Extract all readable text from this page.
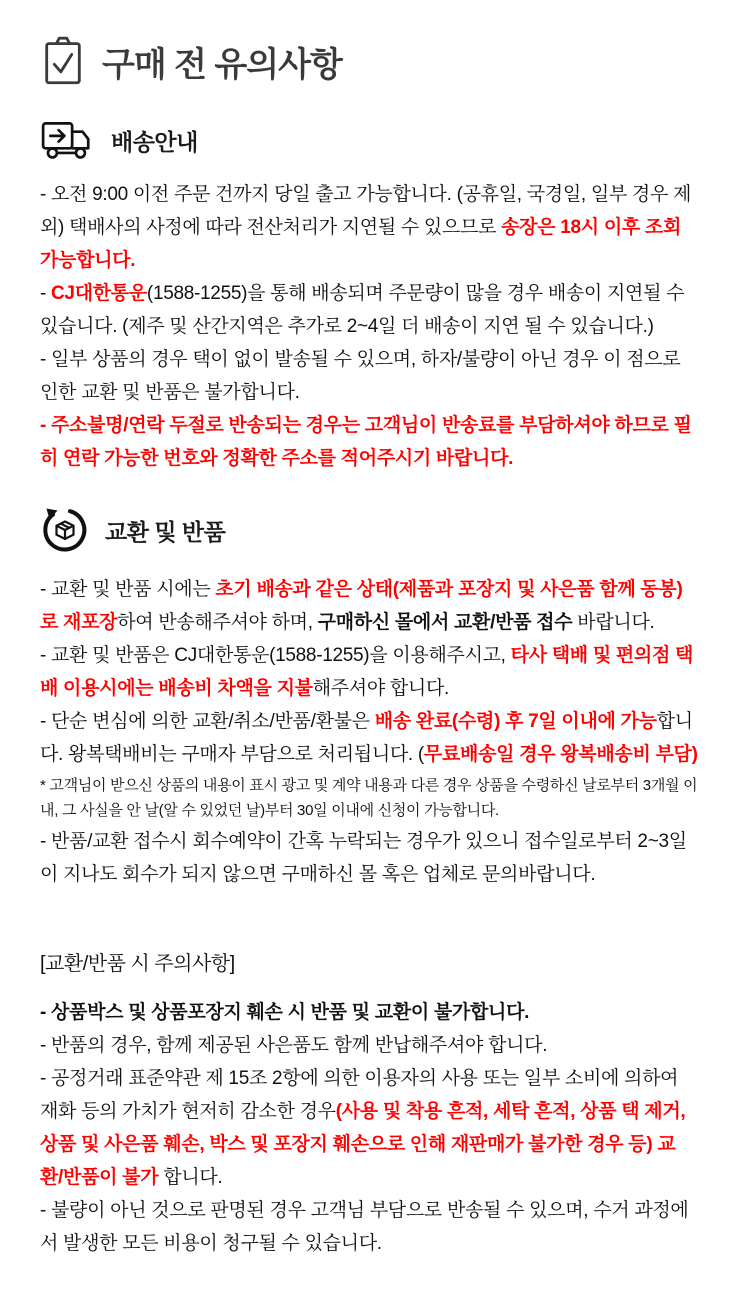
구매 전 유의사항
배송안내

- 오전 9:00 이전 주문 건까지 당일 출고 가능합니다. (공휴일, 국경일, 일부 경우 제외) 택배사의 사정에 따라 전산처리가 지연될 수 있으므로 송장은 18시 이후 조회 가능합니다.

- CJ대한통운(1588-1255)을 통해 배송되며 주문량이 많을 경우 배송이 지연될 수 있습니다. (제주 및 산간지역은 추가로 2~4일 더 배송이 지연 될 수 있습니다.)

- 일부 상품의 경우 택이 없이 발송될 수 있으며, 하자/불량이 아닌 경우 이 점으로 인한 교환 및 반품은 불가합니다.

- 주소불명/연락 두절로 반송되는 경우는 고객님이 반송료를 부담하셔야 하므로 필히 연락 가능한 번호와 정확한 주소를 적어주시기 바랍니다.

교환 및 반품

- 교환 및 반품 시에는 초기 배송과 같은 상태(제품과 포장지 및 사은품 함께 동봉)로 재포장하여 반송해주셔야 하며, 구매하신 몰에서 교환/반품 접수 바랍니다.

- 교환 및 반품은 CJ대한통운(1588-1255)을 이용해주시고, 타사 택배 및 편의점 택배 이용시에는 배송비 차액을 지불해주셔야 합니다.

- 단순 변심에 의한 교환/취소/반품/환불은 배송 완료(수령) 후 7일 이내에 가능합니다. 왕복택배비는 구매자 부담으로 처리됩니다. (무료배송일 경우 왕복배송비 부담)

* 고객님이 받으신 상품의 내용이 표시 광고 및 계약 내용과 다른 경우 상품을 수령하신 날로부터 3개월 이내, 그 사실을 안 날(알 수 있었던 날)부터 30일 이내에 신청이 가능합니다.

- 반품/교환 접수시 회수예약이 간혹 누락되는 경우가 있으니 접수일로부터 2~3일이 지나도 회수가 되지 않으면 구매하신 몰 혹은 업체로 문의바랍니다.

[교환/반품 시 주의사항]

- 상품박스 및 상품포장지 훼손 시 반품 및 교환이 불가합니다.

- 반품의 경우, 함께 제공된 사은품도 함께 반납해주셔야 합니다.

- 공정거래 표준약관 제 15조 2항에 의한 이용자의 사용 또는 일부 소비에 의하여 재화 등의 가치가 현저히 감소한 경우(사용 및 착용 흔적, 세탁 흔적, 상품 택 제거, 상품 및 사은품 훼손, 박스 및 포장지 훼손으로 인해 재판매가 불가한 경우 등) 교환/반품이 불가 합니다.

- 불량이 아닌 것으로 판명된 경우 고객님 부담으로 반송될 수 있으며, 수거 과정에서 발생한 모든 비용이 청구될 수 있습니다.
